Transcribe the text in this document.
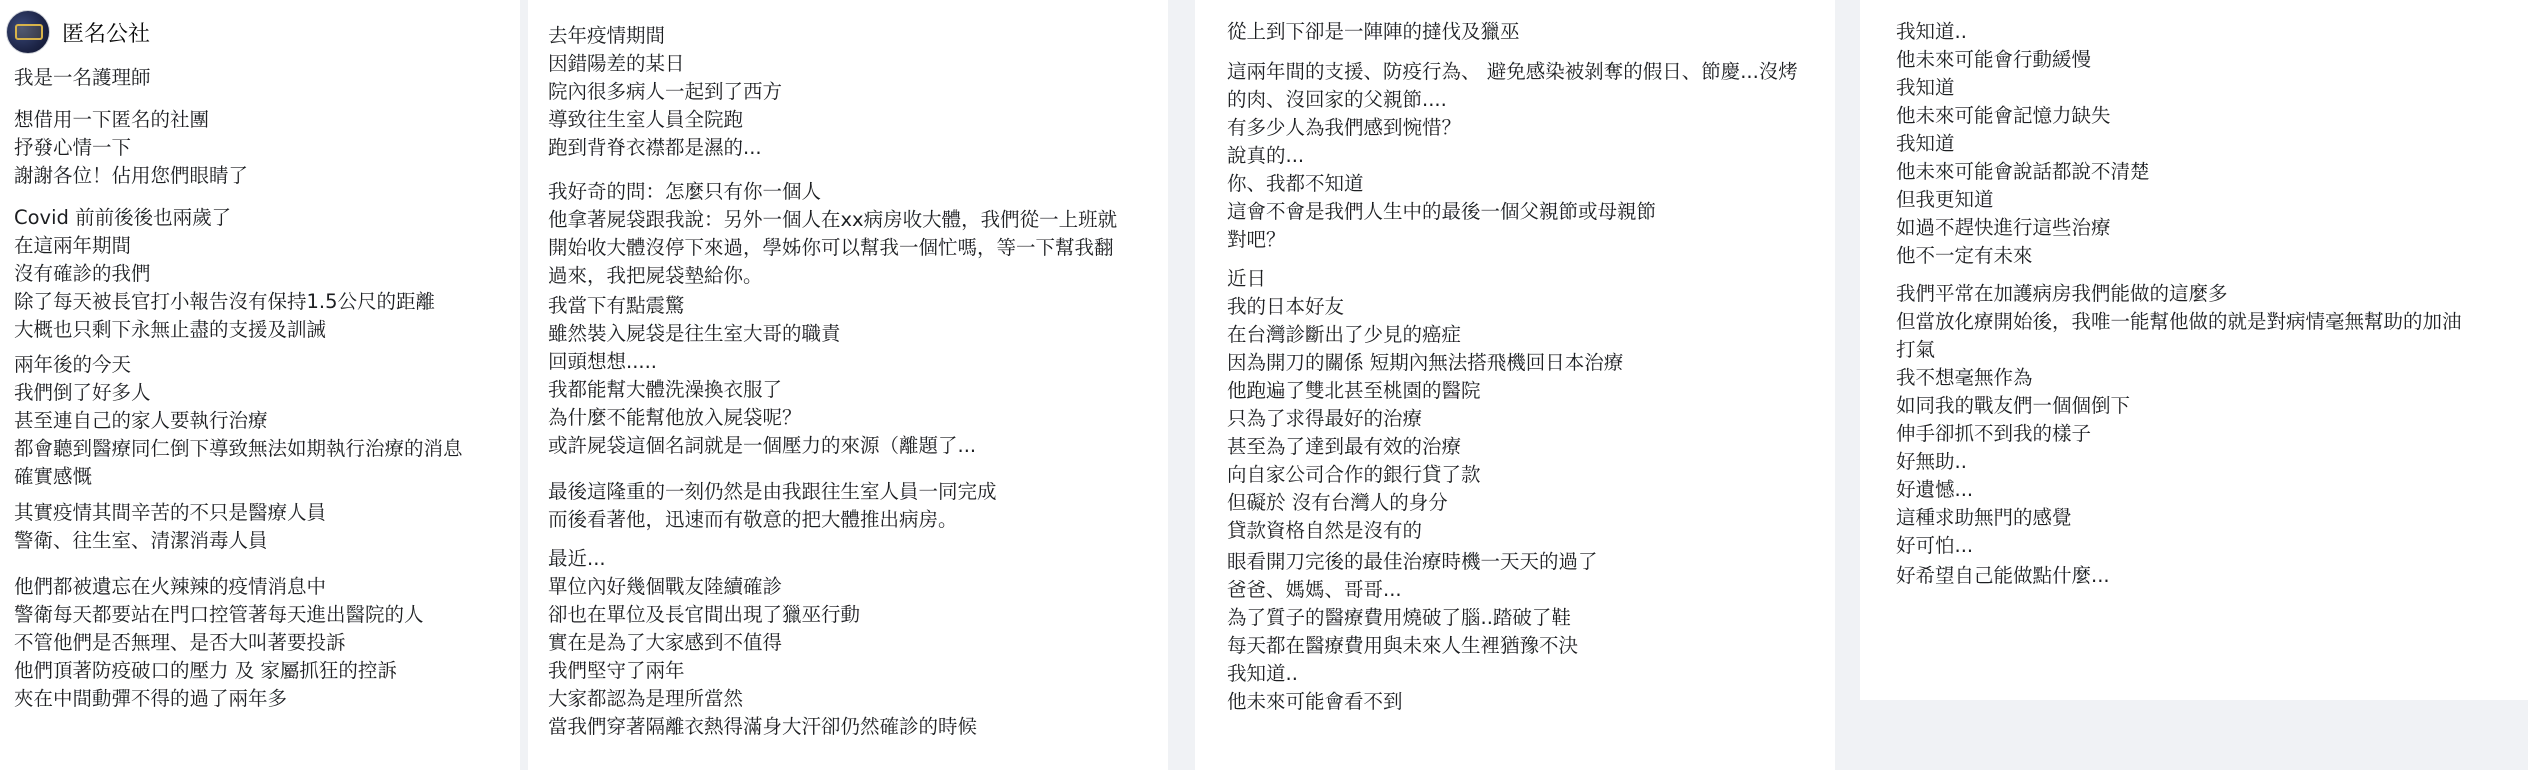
匿名公社
我是一名護理師
想借用一下匿名的社團
抒發心情一下
謝謝各位！佔用您們眼睛了
Covid 前前後後也兩歲了
在這兩年期間
沒有確診的我們
除了每天被長官打小報告沒有保持1.5公尺的距離
大概也只剩下永無止盡的支援及訓誡
兩年後的今天
我們倒了好多人
甚至連自己的家人要執行治療
都會聽到醫療同仁倒下導致無法如期執行治療的消息
確實感慨
其實疫情其間辛苦的不只是醫療人員
警衛、往生室、清潔消毒人員
他們都被遺忘在火辣辣的疫情消息中
警衛每天都要站在門口控管著每天進出醫院的人
不管他們是否無理、是否大叫著要投訴
他們頂著防疫破口的壓力 及 家屬抓狂的控訴
夾在中間動彈不得的過了兩年多
去年疫情期間
因錯陽差的某日
院內很多病人一起到了西方
導致往生室人員全院跑
跑到背脊衣襟都是濕的...
我好奇的問：怎麼只有你一個人
他拿著屍袋跟我說：另外一個人在xx病房收大體，我們從一上班就
開始收大體沒停下來過，學姊你可以幫我一個忙嗎，等一下幫我翻
過來，我把屍袋墊給你。
我當下有點震驚
雖然裝入屍袋是往生室大哥的職責
回頭想想.....
我都能幫大體洗澡換衣服了
為什麼不能幫他放入屍袋呢？
或許屍袋這個名詞就是一個壓力的來源（離題了...
最後這隆重的一刻仍然是由我跟往生室人員一同完成
而後看著他，迅速而有敬意的把大體推出病房。
最近...
單位內好幾個戰友陸續確診
卻也在單位及長官間出現了獵巫行動
實在是為了大家感到不值得
我們堅守了兩年
大家都認為是理所當然
當我們穿著隔離衣熱得滿身大汗卻仍然確診的時候
從上到下卻是一陣陣的撻伐及獵巫
這兩年間的支援、防疫行為、 避免感染被剝奪的假日、節慶...沒烤
的肉、沒回家的父親節....
有多少人為我們感到惋惜？
說真的...
你、我都不知道
這會不會是我們人生中的最後一個父親節或母親節
對吧？
近日
我的日本好友
在台灣診斷出了少見的癌症
因為開刀的關係 短期內無法搭飛機回日本治療
他跑遍了雙北甚至桃園的醫院
只為了求得最好的治療
甚至為了達到最有效的治療
向自家公司合作的銀行貸了款
但礙於 沒有台灣人的身分
貸款資格自然是沒有的
眼看開刀完後的最佳治療時機一天天的過了
爸爸、媽媽、哥哥...
為了質子的醫療費用燒破了腦..踏破了鞋
每天都在醫療費用與未來人生裡猶豫不決
我知道..
他未來可能會看不到
我知道..
他未來可能會行動緩慢
我知道
他未來可能會記憶力缺失
我知道
他未來可能會說話都說不清楚
但我更知道
如過不趕快進行這些治療
他不一定有未來
我們平常在加護病房我們能做的這麼多
但當放化療開始後，我唯一能幫他做的就是對病情毫無幫助的加油
打氣
我不想毫無作為
如同我的戰友們一個個倒下
伸手卻抓不到我的樣子
好無助..
好遺憾...
這種求助無門的感覺
好可怕...
好希望自己能做點什麼...
